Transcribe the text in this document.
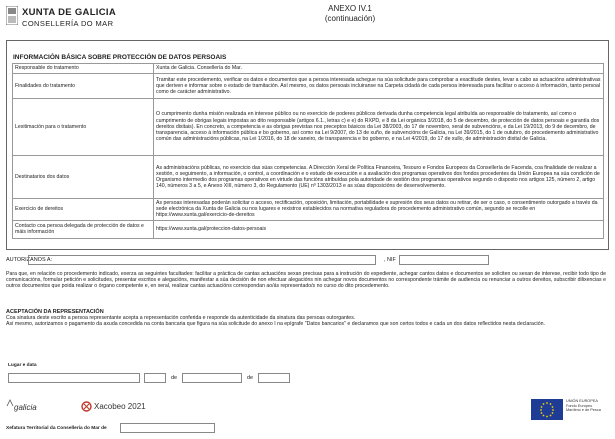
XUNTA DE GALICIA
CONSELLERÍA DO MAR
ANEXO IV.1
(continuación)
INFORMACIÓN BÁSICA SOBRE PROTECCIÓN DE DATOS PERSOAIS
Responsable do tratamento	Xunta de Galicia. Consellería do Mar.
Finalidades do tratamento	Tramitar este procedemento, verificar os datos e documentos que a persoa interesada achegue na súa solicitude para comprobar a exactitude destes, levar a cabo as actuacións administrativas que deriven e informar sobre o estado de tramitación. Así mesmo, os datos persoais incluiranse na Carpeta cidadá de cada persoa interesada para facilitar o acceso á información, tanto persoal como de carácter administrativo.
Lexitimación para o tratamento	O cumprimento dunha misión realizada en interese público ou no exercicio de poderes públicos derivada dunha competencia legal atribuída ao responsable do tratamento, así como o cumprimento de obrigas legais impostas ao dito responsable (artigos 6.1., letras c) e e) do RXPD, e 8 da Lei orgánica 3/2018, do 5 de decembro, de protección de datos persoais e garantía dos dereitos dixitais). En concreto, a competencia e as obrigas previstas nos preceptos básicos da Lei 38/2003, do 17 de novembro, xeral de subvencións, e da Lei 19/2013, do 9 de decembro, de transparencia, acceso á información pública e bo goberno, así como na Lei 9/2007, do 13 de xuño, de subvencións de Galicia, na Lei 39/2015, do 1 de outubro, do procedemento administrativo común das administracións públicas, na Lei 1/2016, do 18 de xaneiro, de transparencia e bo goberno, e na Lei 4/2019, do 17 de xullo, de administración dixital de Galicia.
Destinatarios dos datos	As administracións públicas, no exercicio das súas competencias. A Dirección Xeral de Política Financeira, Tesouro e Fondos Europeos da Consellería de Facenda, coa finalidade de realizar a xestión, o seguimento, a información, o control, a coordinación e o estudo de execución e a avaliación dos programas operativos dos fondos procedentes da Unión Europea na súa condición de Organismo intermedio dos programas operativos en virtude das funcións atribuídas pola autoridade de xestión dos programas operativos segundo o disposto nos artigos 125, número 2, artigo 140, números 3 a 5, e Anexo XIII, número 3, do Regulamento (UE) nº 1303/2013 e as súas disposicións de desenvolvemento.
Exercicio de dereitos	As persoas interesadas poderán solicitar o acceso, rectificación, oposición, limitación, portabilidade e supresión dos seus datos ou retirar, de ser o caso, o consentimento outorgado a través da sede electrónica da Xunta de Galicia ou nos lugares e rexistros establecidos na normativa reguladora do procedemento administrativo común, segundo se recolle en https://www.xunta.gal/exercicio-de-dereitos
Contacto coa persoa delegada de protección de datos e máis información	https://www.xunta.gal/proteccion-datos-persoais
AUTORIZANOS A:	, NIF
Para que, en relación co procedemento indicado, exerza as seguintes facultades: facilitar a práctica de cantas actuacións sexan precisas para a instrución do expediente, achegar cantos datos e documentos se soliciten ou sexan de interese, recibir todo tipo de comunicacións, formular petición e solicitudes, presentar escritos e alegacións, manifestar a súa decisión de non efectuar alegacións nin achegar novos documentos no correspondente trámite de audiencia ou renunciar a outros dereitos, subscribir dilixencias e outros documentos que poida realizar o órgano competente e, en xeral, realizar cantas actuacións correspondan ao/ás representado/s no curso do dito procedemento.
ACEPTACIÓN DA REPRESENTACIÓN
Coa sinatura deste escrito a persoa representante acepta a representación conferida e responde da autenticidade da sinatura das persoas outorgantes.
Así mesmo, autorizamos o pagamento da axuda concedida na conta bancaria que figura na súa solicitude do anexo I na epígrafe "Datos bancarios" e declaramos que son certos todos e cada un dos datos reflectidos nesta declaración.
Lugar e data
de	de
galicia	Xacobeo 2021
UNIÓN EUROPEA
Fondo Europeo
Marítimo e de Pesca
Xefatura Territorial da Consellería do Mar de
